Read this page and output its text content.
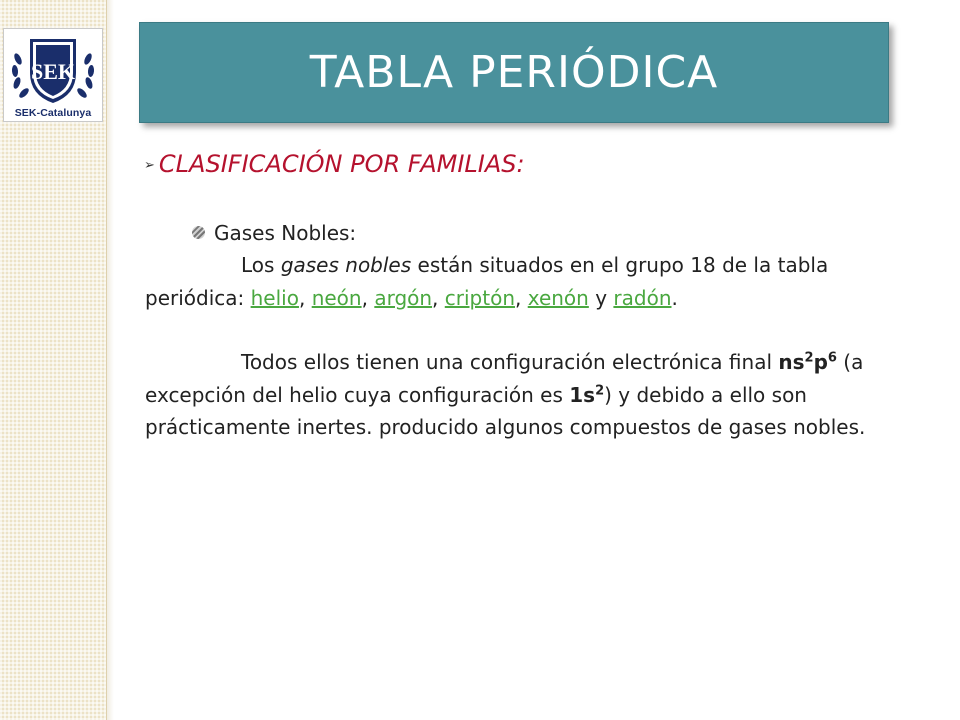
SEK
SEK-Catalunya
TABLA PERIÓDICA
➢ CLASIFICACIÓN POR FAMILIAS:
Gases Nobles:

Los gases nobles están situados en el grupo 18 de la tabla periódica: helio, neón, argón, criptón, xenón y radón.

Todos ellos tienen una configuración electrónica final $ns^2p^6$ (a excepción del helio cuya configuración es $1s^2$) y debido a ello son prácticamente inertes. producido algunos compuestos de gases nobles.
